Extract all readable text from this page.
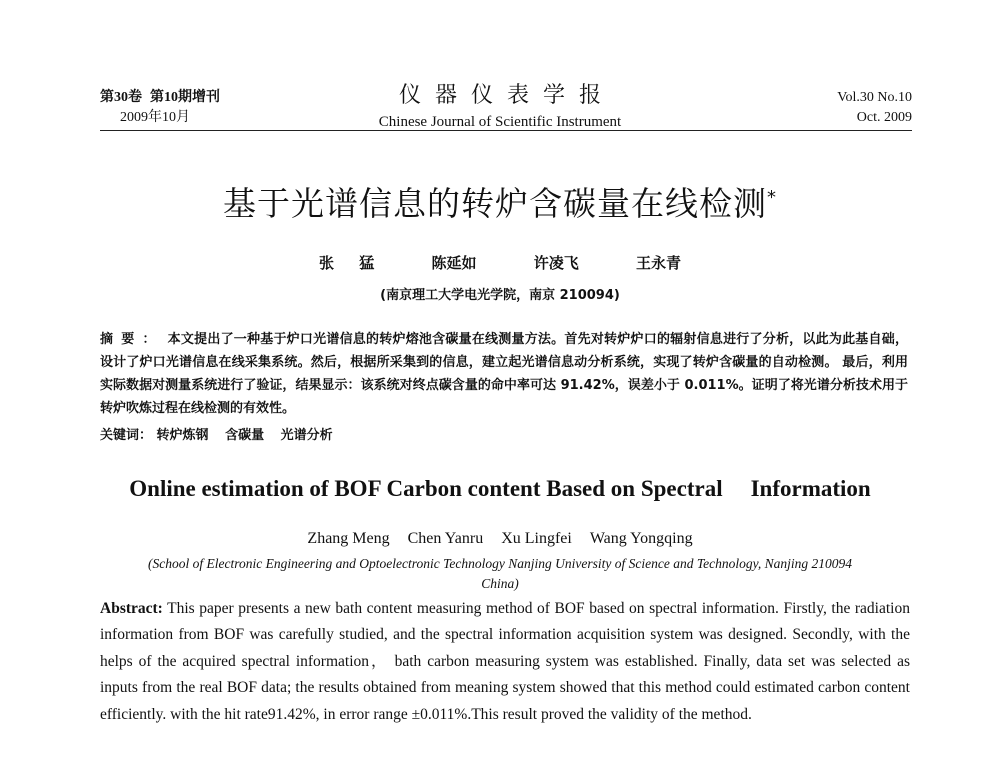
第30卷 第10期增刊
2009年10月
仪器仪表学报
Chinese Journal of Scientific Instrument
Vol.30 No.10
Oct. 2009
基于光谱信息的转炉含碳量在线检测*
张 猛	陈延如	许凌飞	王永青
(南京理工大学电光学院，南京 210094)
摘要： 本文提出了一种基于炉口光谱信息的转炉熔池含碳量在线测量方法。首先对转炉炉口的辐射信息进行了分析，以此为此基自础，设计了炉口光谱信息在线采集系统。然后，根据所采集到的信息，建立起光谱信息动分析系统，实现了转炉含碳量的自动检测。 最后，利用实际数据对测量系统进行了验证，结果显示：该系统对终点碳含量的命中率可达 91.42%，误差小于 0.011%。证明了将光谱分析技术用于转炉吹炼过程在线检测的有效性。
关键词： 转炉炼钢 含碳量 光谱分析
Online estimation of BOF Carbon content Based on Spectral Information
Zhang Meng Chen Yanru Xu Lingfei Wang Yongqing
(School of Electronic Engineering and Optoelectronic Technology Nanjing University of Science and Technology, Nanjing 210094 China)
Abstract: This paper presents a new bath content measuring method of BOF based on spectral information. Firstly, the radiation information from BOF was carefully studied, and the spectral information acquisition system was designed. Secondly, with the helps of the acquired spectral information， bath carbon measuring system was established. Finally, data set was selected as inputs from the real BOF data; the results obtained from meaning system showed that this method could estimated carbon content efficiently. with the hit rate91.42%, in error range ±0.011%.This result proved the validity of the method.
